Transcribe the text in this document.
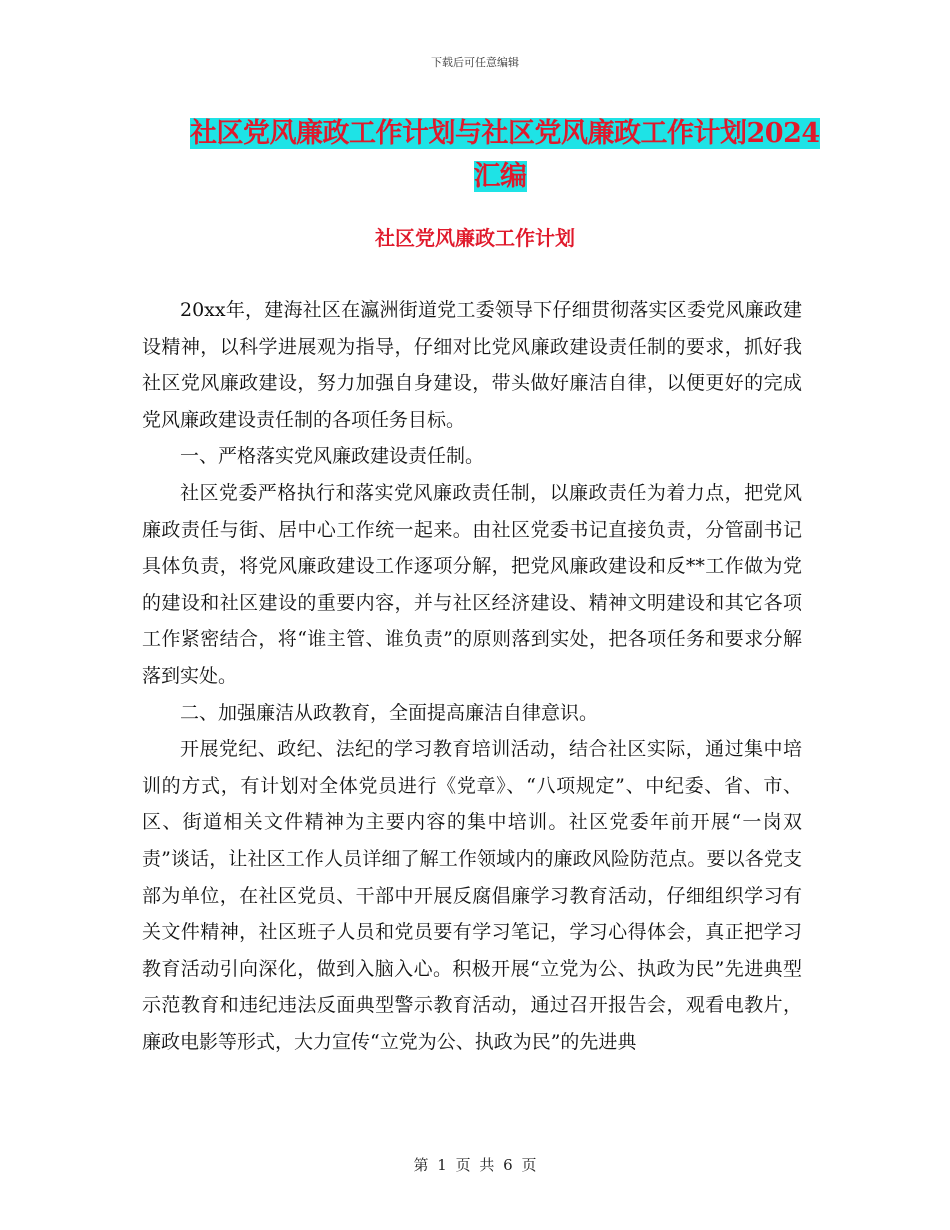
下载后可任意编辑
社区党风廉政工作计划与社区党风廉政工作计划2024
汇编
社区党风廉政工作计划

20xx年，建海社区在瀛洲街道党工委领导下仔细贯彻落实区委党风廉政建设精神，以科学进展观为指导，仔细对比党风廉政建设责任制的要求，抓好我社区党风廉政建设，努力加强自身建设，带头做好廉洁自律，以便更好的完成党风廉政建设责任制的各项任务目标。

一、严格落实党风廉政建设责任制。

社区党委严格执行和落实党风廉政责任制，以廉政责任为着力点，把党风廉政责任与街、居中心工作统一起来。由社区党委书记直接负责，分管副书记具体负责，将党风廉政建设工作逐项分解，把党风廉政建设和反**工作做为党的建设和社区建设的重要内容，并与社区经济建设、精神文明建设和其它各项工作紧密结合，将“谁主管、谁负责”的原则落到实处，把各项任务和要求分解落到实处。

二、加强廉洁从政教育，全面提高廉洁自律意识。

开展党纪、政纪、法纪的学习教育培训活动，结合社区实际，通过集中培训的方式，有计划对全体党员进行《党章》、“八项规定”、中纪委、省、市、区、街道相关文件精神为主要内容的集中培训。社区党委年前开展“一岗双责”谈话，让社区工作人员详细了解工作领域内的廉政风险防范点。要以各党支部为单位，在社区党员、干部中开展反腐倡廉学习教育活动，仔细组织学习有关文件精神，社区班子人员和党员要有学习笔记，学习心得体会，真正把学习教育活动引向深化，做到入脑入心。积极开展“立党为公、执政为民”先进典型示范教育和违纪违法反面典型警示教育活动，通过召开报告会，观看电教片，廉政电影等形式，大力宣传“立党为公、执政为民”的先进典

第 1 页 共 6 页
